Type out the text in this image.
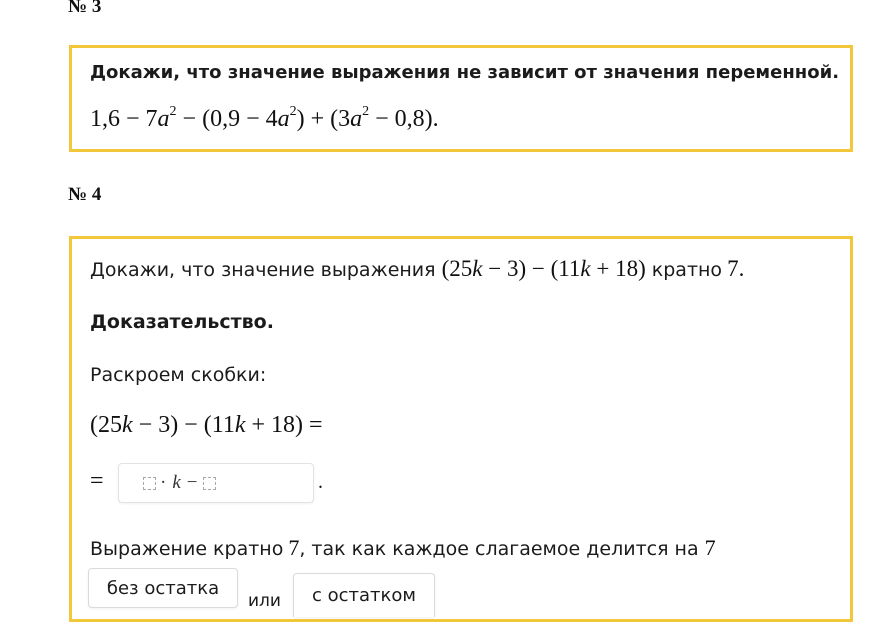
№ 3
Докажи, что значение выражения не зависит от значения переменной.
$1,6 - 7a^2 - (0,9 - 4a^2) + (3a^2 - 0,8)$.
№ 4
Докажи, что значение выражения (25k − 3) − (11k + 18) кратно 7.
Доказательство.
Раскроем скобки:
(25k − 3) − (11k + 18) =
=	· k −	.
Выражение кратно 7 , так как каждое слагаемое делится на 7
без остатка
или	с остатком
